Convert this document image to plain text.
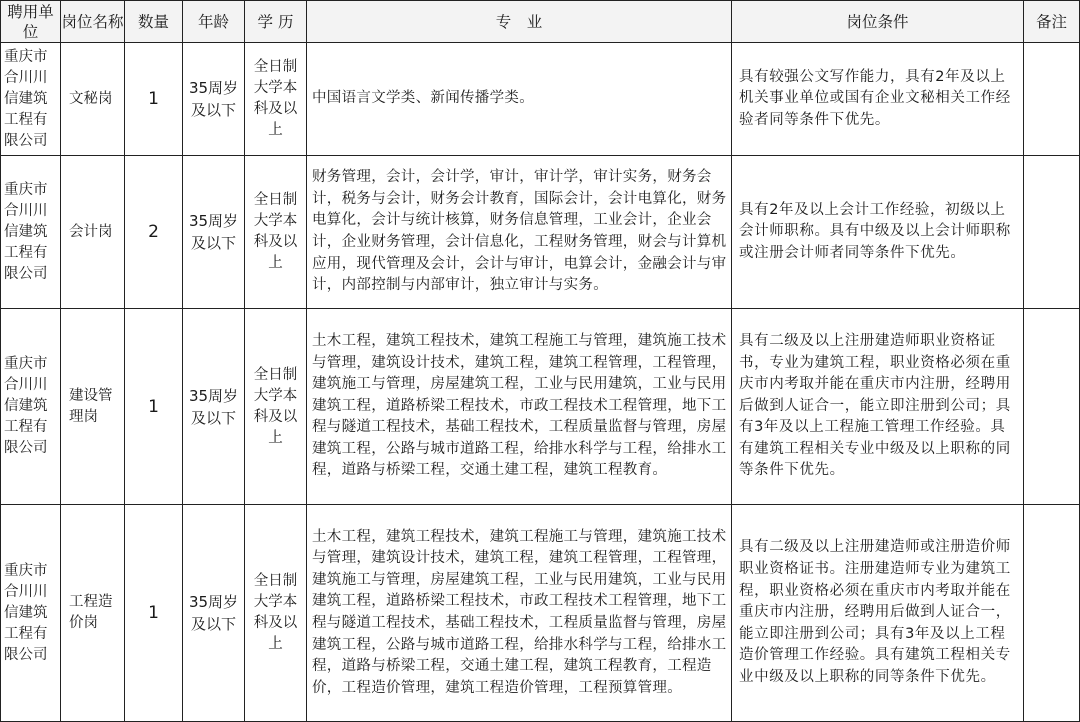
聘用单位	岗位名称	数量	年龄	学 历	专　业	岗位条件	备注
重庆市合川川信建筑工程有限公司	文秘岗	1	35周岁及以下	全日制大学本科及以上	中国语言文学类、新闻传播学类。	具有较强公文写作能力，具有2年及以上机关事业单位或国有企业文秘相关工作经验者同等条件下优先。	
重庆市合川川信建筑工程有限公司	会计岗	2	35周岁及以下	全日制大学本科及以上	财务管理，会计，会计学，审计，审计学，审计实务，财务会计，税务与会计，财务会计教育，国际会计，会计电算化，财务电算化，会计与统计核算，财务信息管理，工业会计，企业会计，企业财务管理，会计信息化，工程财务管理，财会与计算机应用，现代管理及会计，会计与审计，电算会计，金融会计与审计，内部控制与内部审计，独立审计与实务。	具有2年及以上会计工作经验，初级以上会计师职称。具有中级及以上会计师职称或注册会计师者同等条件下优先。	
重庆市合川川信建筑工程有限公司	建设管理岗	1	35周岁及以下	全日制大学本科及以上	土木工程，建筑工程技术，建筑工程施工与管理，建筑施工技术与管理，建筑设计技术，建筑工程，建筑工程管理，工程管理，建筑施工与管理，房屋建筑工程，工业与民用建筑，工业与民用建筑工程，道路桥梁工程技术，市政工程技术工程管理，地下工程与隧道工程技术，基础工程技术，工程质量监督与管理，房屋建筑工程，公路与城市道路工程，给排水科学与工程，给排水工程，道路与桥梁工程，交通土建工程，建筑工程教育。	具有二级及以上注册建造师职业资格证书，专业为建筑工程，职业资格必须在重庆市内考取并能在重庆市内注册，经聘用后做到人证合一，能立即注册到公司；具有3年及以上工程施工管理工作经验。具有建筑工程相关专业中级及以上职称的同等条件下优先。	
重庆市合川川信建筑工程有限公司	工程造价岗	1	35周岁及以下	全日制大学本科及以上	土木工程，建筑工程技术，建筑工程施工与管理，建筑施工技术与管理，建筑设计技术，建筑工程，建筑工程管理，工程管理，建筑施工与管理，房屋建筑工程，工业与民用建筑，工业与民用建筑工程，道路桥梁工程技术，市政工程技术工程管理，地下工程与隧道工程技术，基础工程技术，工程质量监督与管理，房屋建筑工程，公路与城市道路工程，给排水科学与工程，给排水工程，道路与桥梁工程，交通土建工程，建筑工程教育，工程造价，工程造价管理，建筑工程造价管理，工程预算管理。	具有二级及以上注册建造师或注册造价师职业资格证书。注册建造师专业为建筑工程，职业资格必须在重庆市内考取并能在重庆市内注册，经聘用后做到人证合一，能立即注册到公司；具有3年及以上工程造价管理工作经验。具有建筑工程相关专业中级及以上职称的同等条件下优先。	
